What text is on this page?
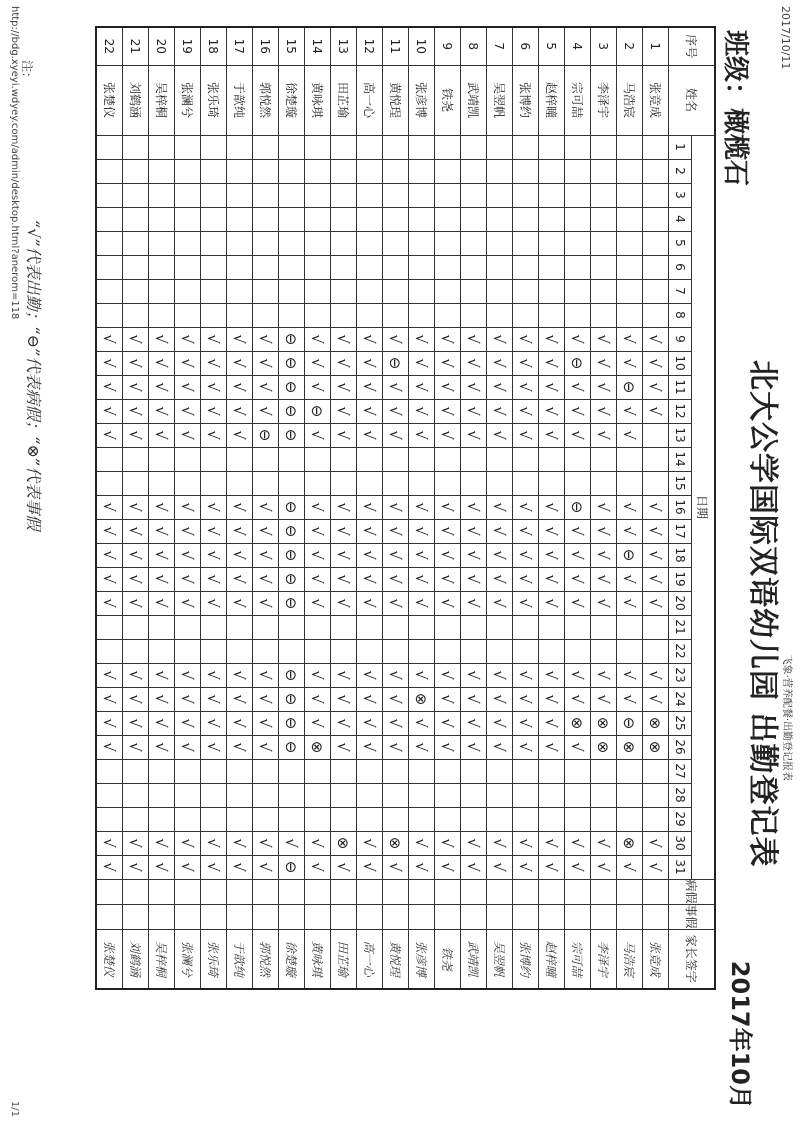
2017/10/11
飞象·营养配餐·出勤登记报表
北大公学国际双语幼儿园 出勤登记表
班级：橄榄石
2017年10月
序号	姓名	日期																															病假	事假	家长签字
		1	2	3	4	5	6	7	8	9	10	11	12	13	14	15	16	17	18	19	20	21	22	23	24	25	26	27	28	29	30	31			
1	张竞成									√	√	√	√				√	√	√	√	√			√	√	⊗	⊗				√	√			张竞成
2	马浩宸									√	√	⊖	√	√			√	√	⊖	√	√			√	√	⊖	⊗				⊗	√			马浩宸
3	李泽宇									√	√	√	√	√			√	√	√	√	√			√	√	⊗	⊗				√	√			李泽宇
4	宗可喆									√	⊖	√	√	√			⊖	√	√	√	√			√	√	⊗	√				√	√			宗可喆
5	赵梓曈									√	√	√	√	√			√	√	√	√	√			√	√	√	√				√	√			赵梓曈
6	张博约									√	√	√	√	√			√	√	√	√	√			√	√	√	√				√	√			张博约
7	吴翌帆									√	√	√	√	√			√	√	√	√	√			√	√	√	√				√	√			吴翌帆
8	武靖凯									√	√	√	√	√			√	√	√	√	√			√	√	√	√				√	√			武靖凯
9	铁尧									√	√	√	√	√			√	√	√	√	√			√	√	√	√				√	√			铁尧
10	张彦博									√	√	√	√	√			√	√	√	√	√			√	⊗	√	√				√	√			张彦博
11	黄悦珵									√	⊖	√	√	√			√	√	√	√	√			√	√	√	√				⊗	√			黄悦珵
12	高一心									√	√	√	√	√			√	√	√	√	√			√	√	√	√				√	√			高一心
13	田芷瑜									√	√	√	√	√			√	√	√	√	√			√	√	√	√				⊗	√			田芷瑜
14	黄咏琪									√	√	√	⊖	√			√	√	√	√	√			√	√	√	⊗				√	√			黄咏琪
15	徐楚璇									⊖	⊖	⊖	⊖	⊖			⊖	⊖	⊖	⊖	⊖			⊖	⊖	⊖	⊖				√	⊖			徐楚璇
16	郭悦然									√	√	√	√	⊖			√	√	√	√	√			√	√	√	√				√	√			郭悦然
17	于歆纯									√	√	√	√	√			√	√	√	√	√			√	√	√	√				√	√			于歆纯
18	张乐琦									√	√	√	√	√			√	√	√	√	√			√	√	√	√				√	√			张乐琦
19	张澜兮									√	√	√	√	√			√	√	√	√	√			√	√	√	√				√	√			张澜兮
20	吴梓桐									√	√	√	√	√			√	√	√	√	√			√	√	√	√				√	√			吴梓桐
21	刘鹤涵									√	√	√	√	√			√	√	√	√	√			√	√	√	√				√	√			刘鹤涵
22	张楚仪									√	√	√	√	√			√	√	√	√	√			√	√	√	√				√	√			张楚仪
注：
“√”代表出勤；“⊖”代表病假；“⊗”代表事假
http://bdg.xyeyi.wdyey.com/admin/desktop.html?anerom=118
1/1
